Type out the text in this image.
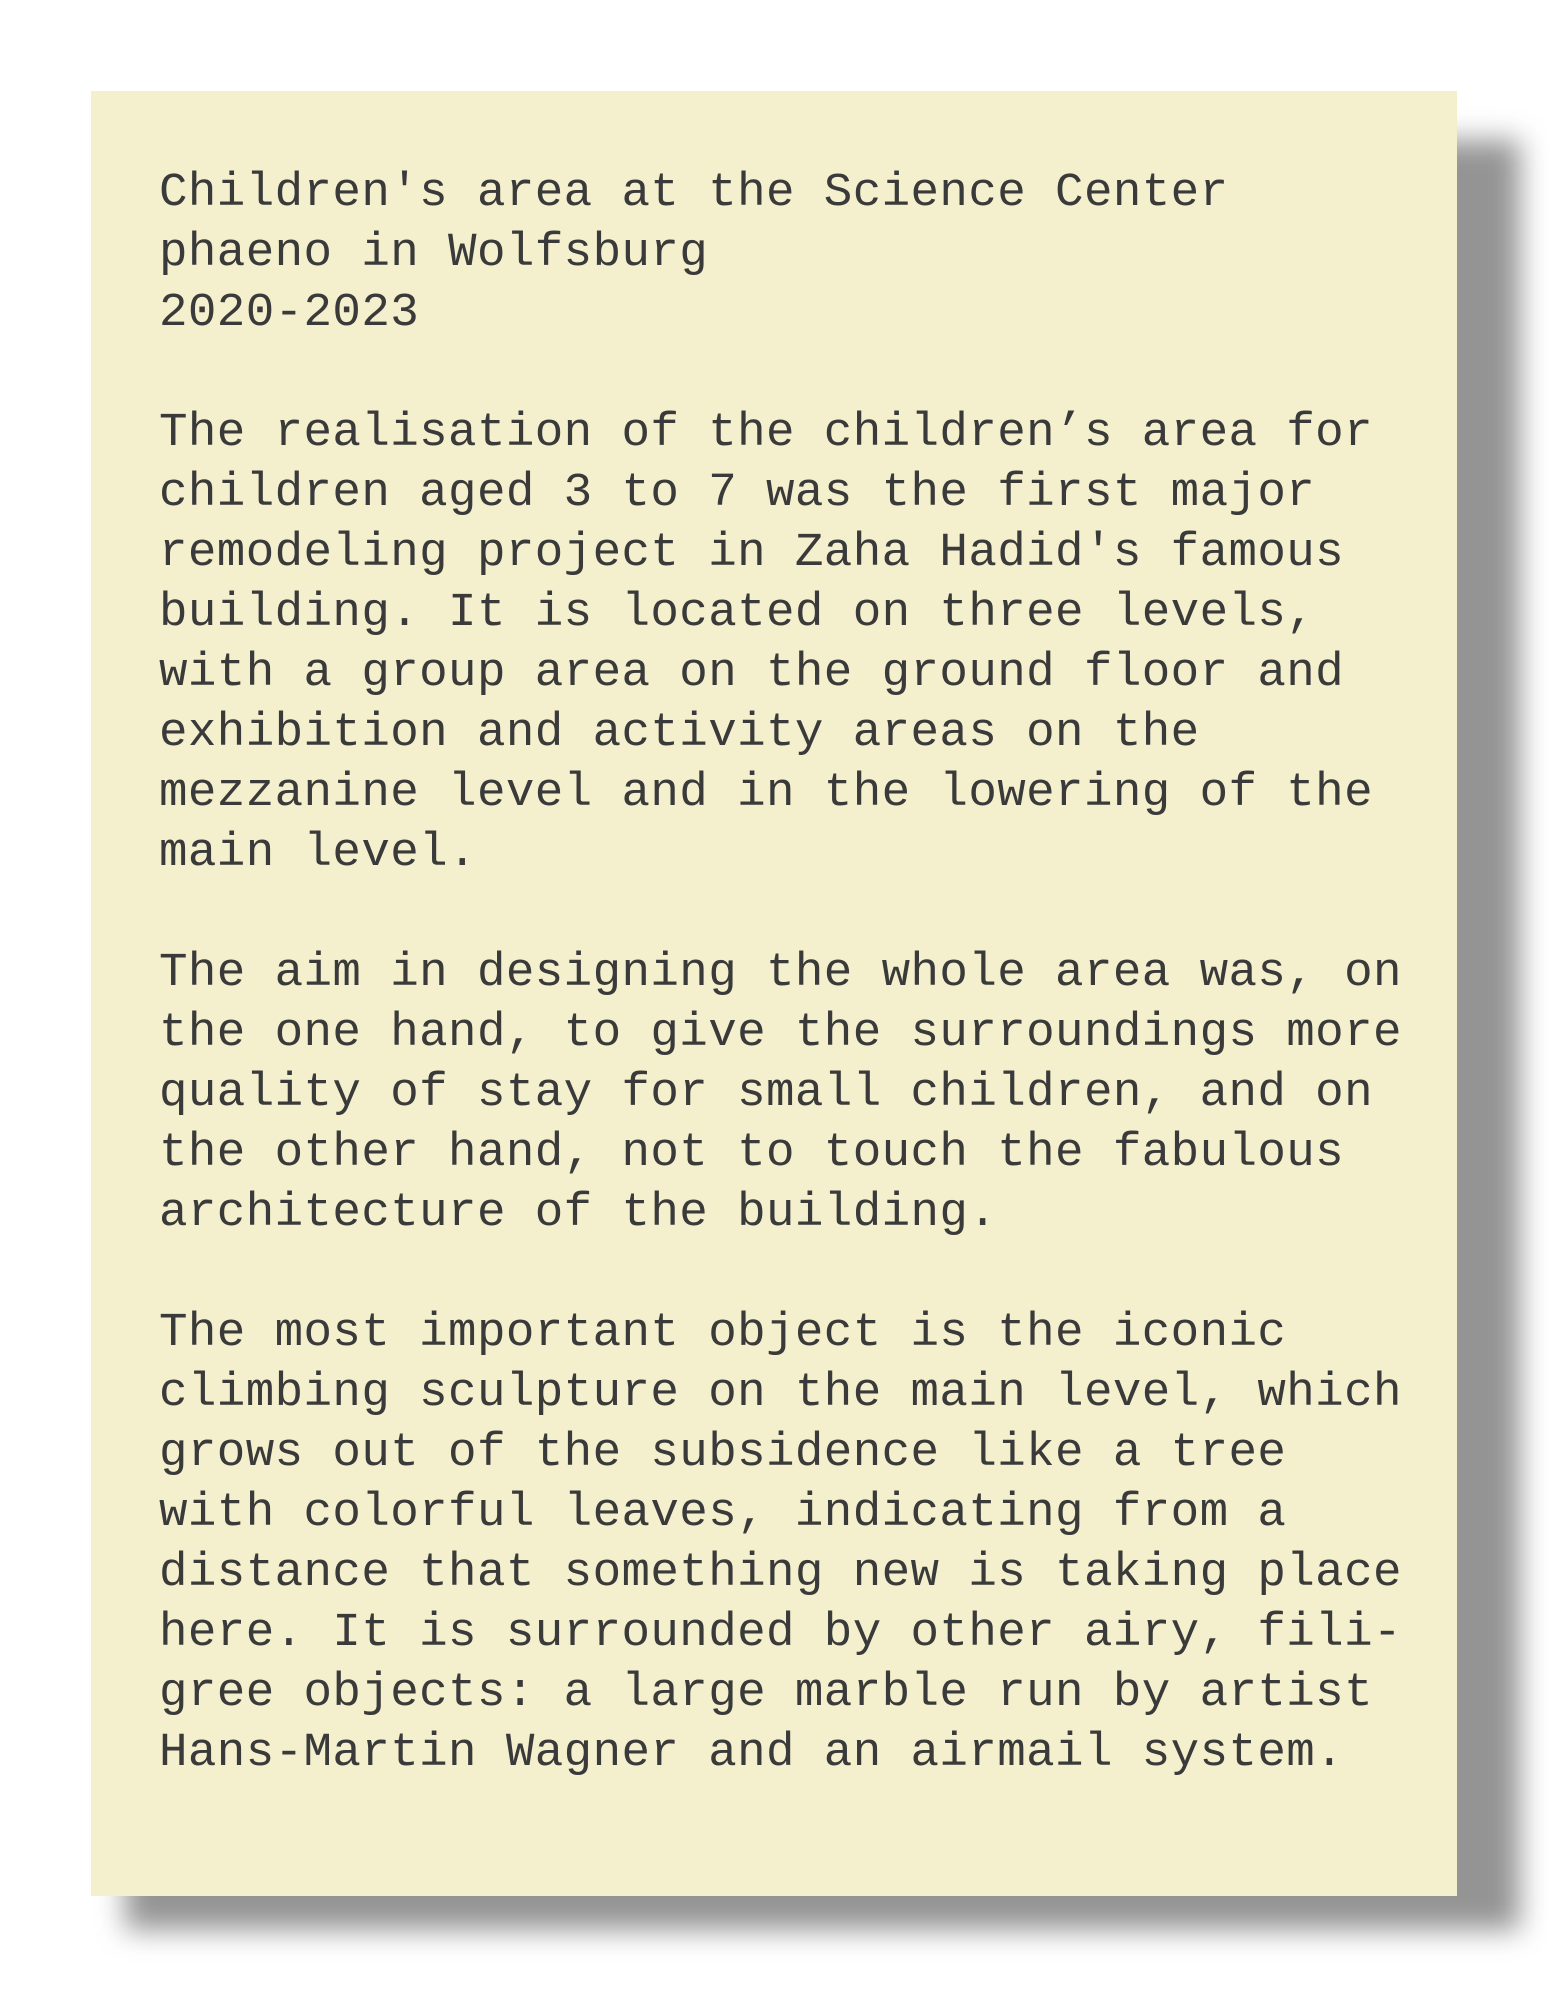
Children's area at the Science Center
phaeno in Wolfsburg
2020-2023

The realisation of the children’s area for
children aged 3 to 7 was the first major
remodeling project in Zaha Hadid's famous
building. It is located on three levels,
with a group area on the ground floor and
exhibition and activity areas on the
mezzanine level and in the lowering of the
main level.

The aim in designing the whole area was, on
the one hand, to give the surroundings more
quality of stay for small children, and on
the other hand, not to touch the fabulous
architecture of the building.

The most important object is the iconic
climbing sculpture on the main level, which
grows out of the subsidence like a tree
with colorful leaves, indicating from a
distance that something new is taking place
here. It is surrounded by other airy, fili-
gree objects: a large marble run by artist
Hans-Martin Wagner and an airmail system.
